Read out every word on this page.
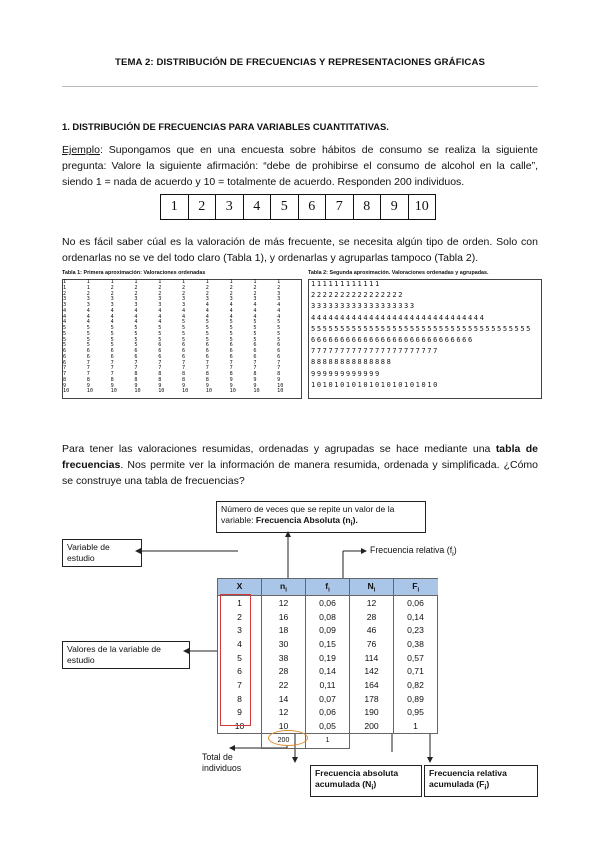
TEMA 2: DISTRIBUCIÓN DE FRECUENCIAS Y REPRESENTACIONES GRÁFICAS
1. DISTRIBUCIÓN DE FRECUENCIAS PARA VARIABLES CUANTITATIVAS.
Ejemplo: Supongamos que en una encuesta sobre hábitos de consumo se realiza la siguiente pregunta: Valore la siguiente afirmación: “debe de prohibirse el consumo de alcohol en la calle”, siendo 1 = nada de acuerdo y 10 = totalmente de acuerdo. Responden 200 individuos.
1	2	3	4	5	6	7	8	9	10
No es fácil saber cúal es la valoración de más frecuente, se necesita algún tipo de orden. Solo con ordenarlas no se ve del todo claro (Tabla 1), y ordenarlas y agruparlas tampoco (Tabla 2).
Tabla 1: Primera aproximación: Valoraciones ordenadas	Tabla 2: Segunda aproximación. Valoraciones ordenadas y agrupadas.
1	1	1	1	1	1	1	1	1	1
1	1	2	2	2	2	2	2	2	2
2	2	2	2	2	2	2	2	2	3
3	3	3	3	3	3	3	3	3	3
3	3	3	3	3	3	4	4	4	4
4	4	4	4	4	4	4	4	4	4
4	4	4	4	4	4	4	4	4	4
4	4	4	4	4	5	5	5	5	5
5	5	5	5	5	5	5	5	5	5
5	5	5	5	5	5	5	5	5	5
5	5	5	5	5	5	5	5	5	5
5	5	5	5	6	6	6	6	6	6
6	6	6	6	6	6	6	6	6	6
6	6	6	6	6	6	6	6	6	6
6	7	7	7	7	7	7	7	7	7
7	7	7	7	7	7	7	7	7	7
7	7	7	8	8	8	8	8	8	8
8	8	8	8	8	8	8	9	9	9
9	9	9	9	9	9	9	9	9	10
10	10	10	10	10	10	10	10	10	10
111111111111
2222222222222222
333333333333333333
444444444444444444444444444444
55555555555555555555555555555555555555
6666666666666666666666666666
7777777777777777777777
88888888888888
999999999999
1010101010101010101010
Para tener las valoraciones resumidas, ordenadas y agrupadas se hace mediante una tabla de frecuencias. Nos permite ver la información de manera resumida, ordenada y simplificada. ¿Cómo se construye una tabla de frecuencias?
Número de veces que se repite un valor de la variable: Frecuencia Absoluta $(n_i)$.
Variable de estudio
Frecuencia relativa $(f_i)$
Valores de la variable de estudio
Total de individuos	Frecuencia absoluta acumulada $(N_i)$
Frecuencia relativa acumulada $(F_i)$
X	$n_i$	$f_i$	$N_i$	$F_i$
1	12	0,06	12	0,06
2	16	0,08	28	0,14
3	18	0,09	46	0,23
4	30	0,15	76	0,38
5	38	0,19	114	0,57
6	28	0,14	142	0,71
7	22	0,11	164	0,82
8	14	0,07	178	0,89
9	12	0,06	190	0,95
10	10	0,05	200	1
	200	1		
